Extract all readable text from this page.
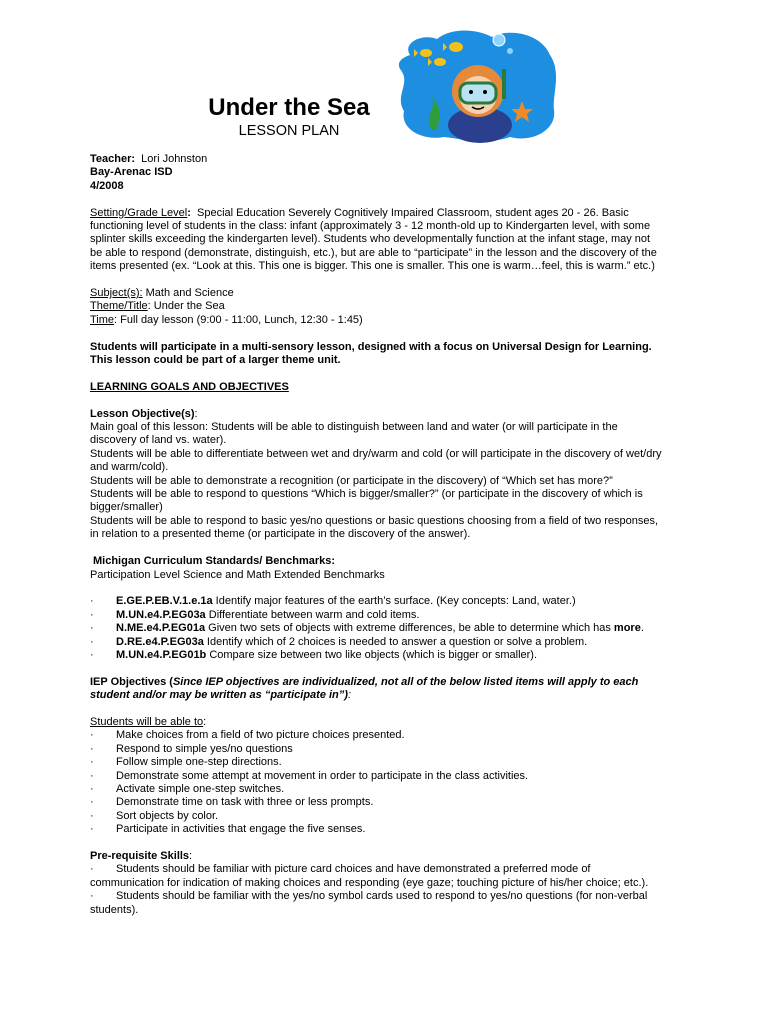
Under the Sea
LESSON PLAN
Teacher: Lori Johnston
Bay-Arenac ISD
4/2008
Setting/Grade Level: Special Education Severely Cognitively Impaired Classroom, student ages 20 - 26. Basic
functioning level of students in the class: infant (approximately 3 - 12 month-old up to Kindergarten level, with some
splinter skills exceeding the kindergarten level). Students who developmentally function at the infant stage, may not
be able to respond (demonstrate, distinguish, etc.), but are able to “participate” in the lesson and the discovery of the
items presented (ex. “Look at this. This one is bigger. This one is smaller. This one is warm…feel, this is warm.” etc.)
Subject(s): Math and Science
Theme/Title: Under the Sea
Time: Full day lesson (9:00 - 11:00, Lunch, 12:30 - 1:45)
Students will participate in a multi-sensory lesson, designed with a focus on Universal Design for Learning.
This lesson could be part of a larger theme unit.
LEARNING GOALS AND OBJECTIVES
Lesson Objective(s):
Main goal of this lesson: Students will be able to distinguish between land and water (or will participate in the
discovery of land vs. water).
Students will be able to differentiate between wet and dry/warm and cold (or will participate in the discovery of wet/dry
and warm/cold).
Students will be able to demonstrate a recognition (or participate in the discovery) of “Which set has more?”
Students will be able to respond to questions “Which is bigger/smaller?” (or participate in the discovery of which is
bigger/smaller)
Students will be able to respond to basic yes/no questions or basic questions choosing from a field of two responses,
in relation to a presented theme (or participate in the discovery of the answer).
Michigan Curriculum Standards/ Benchmarks:
Participation Level Science and Math Extended Benchmarks
·	E.GE.P.EB.V.1.e.1a Identify major features of the earth’s surface. (Key concepts: Land, water.)
·	M.UN.e4.P.EG03a Differentiate between warm and cold items.
·	N.ME.e4.P.EG01a Given two sets of objects with extreme differences, be able to determine which has more.
·	D.RE.e4.P.EG03a Identify which of 2 choices is needed to answer a question or solve a problem.
·	M.UN.e4.P.EG01b Compare size between two like objects (which is bigger or smaller).
IEP Objectives (Since IEP objectives are individualized, not all of the below listed items will apply to each
student and/or may be written as “participate in”):
Students will be able to:
·	Make choices from a field of two picture choices presented.
·	Respond to simple yes/no questions
·	Follow simple one-step directions.
·	Demonstrate some attempt at movement in order to participate in the class activities.
·	Activate simple one-step switches.
·	Demonstrate time on task with three or less prompts.
·	Sort objects by color.
·	Participate in activities that engage the five senses.
Pre-requisite Skills:
·	Students should be familiar with picture card choices and have demonstrated a preferred mode of
communication for indication of making choices and responding (eye gaze; touching picture of his/her choice; etc.).
·	Students should be familiar with the yes/no symbol cards used to respond to yes/no questions (for non-verbal
students).
